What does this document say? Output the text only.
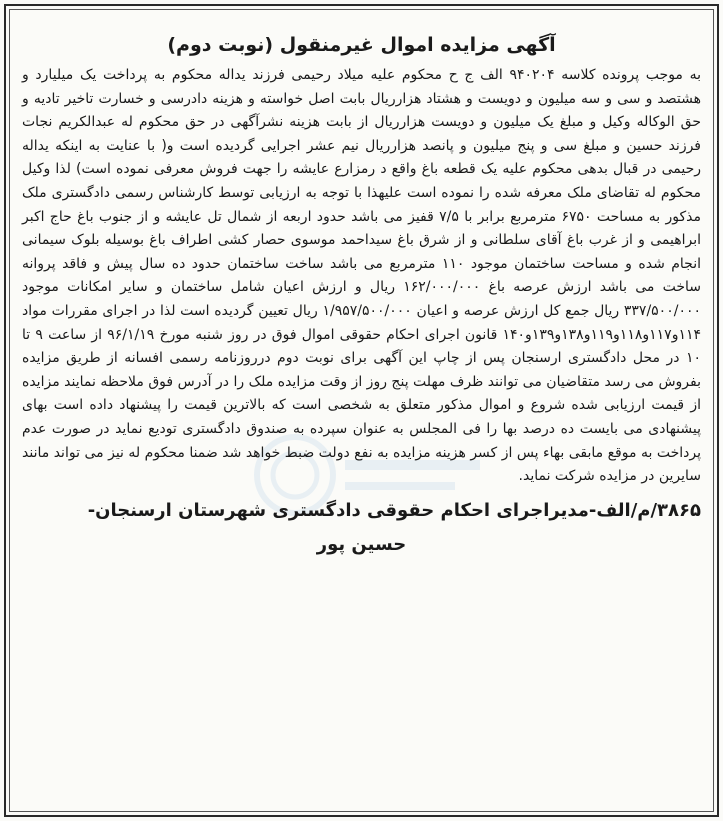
آگهی مزایده اموال غیرمنقول (نوبت دوم)

به موجب پرونده کلاسه ۹۴۰۲۰۴ الف ج ح محکوم علیه میلاد رحیمی فرزند یداله محکوم به پرداخت یک میلیارد و هشتصد و سی و سه میلیون و دویست و هشتاد هزارریال بابت اصل خواسته و هزینه دادرسی و خسارت تاخیر تادیه و حق الوکاله وکیل و مبلغ یک میلیون و دویست هزارریال از بابت هزینه نشرآگهی در حق محکوم له عبدالکریم نجات فرزند حسین و مبلغ سی و پنج میلیون و پانصد هزارریال نیم عشر اجرایی گردیده است و( با عنایت به اینکه یداله رحیمی در قبال بدهی محکوم علیه یک قطعه باغ واقع د رمزارع عایشه را جهت فروش معرفی نموده است) لذا وکیل محکوم له تقاضای ملک معرفه شده را نموده است علیهذا با توجه به ارزیابی توسط کارشناس رسمی دادگستری ملک مذکور به مساحت ۶۷۵۰ مترمربع برابر با ۷/۵ قفیز می باشد حدود اربعه از شمال تل عایشه و از جنوب باغ حاج اکبر ابراهیمی و از غرب باغ آقای سلطانی و از شرق باغ سیداحمد موسوی حصار کشی اطراف باغ بوسیله بلوک سیمانی انجام شده و مساحت ساختمان موجود ۱۱۰ مترمربع می باشد ساخت ساختمان حدود ده سال پیش و فاقد پروانه ساخت می باشد ارزش عرصه باغ ۱۶۲/۰۰۰/۰۰۰ ریال و ارزش اعیان شامل ساختمان و سایر امکانات موجود ۳۳۷/۵۰۰/۰۰۰ ریال جمع کل ارزش عرصه و اعیان ۱/۹۵۷/۵۰۰/۰۰۰ ریال تعیین گردیده است لذا در اجرای مقررات مواد ۱۱۴و۱۱۷و۱۱۸و۱۱۹و۱۳۸و۱۳۹و۱۴۰ قانون اجرای احکام حقوقی اموال فوق در روز شنبه مورخ ۹۶/۱/۱۹ از ساعت ۹ تا ۱۰ در محل دادگستری ارسنجان پس از چاپ این آگهی برای نوبت دوم درروزنامه رسمی افسانه از طریق مزایده بفروش می رسد متقاضیان می توانند ظرف مهلت پنج روز از وقت مزایده ملک را در آدرس فوق ملاحظه نمایند مزایده از قیمت ارزیابی شده شروع و اموال مذکور متعلق به شخصی است که بالاترین قیمت را پیشنهاد داده است بهای پیشنهادی می بایست ده درصد بها را فی المجلس به عنوان سپرده به صندوق دادگستری تودیع نماید در صورت عدم پرداخت به موقع مابقی بهاء پس از کسر هزینه مزایده به نفع دولت ضبط خواهد شد ضمنا محکوم له نیز می تواند مانند سایرین در مزایده شرکت نماید.

۳۸۶۵/م/الف-مدیراجرای احکام حقوقی دادگستری شهرستان ارسنجان-
حسین پور
